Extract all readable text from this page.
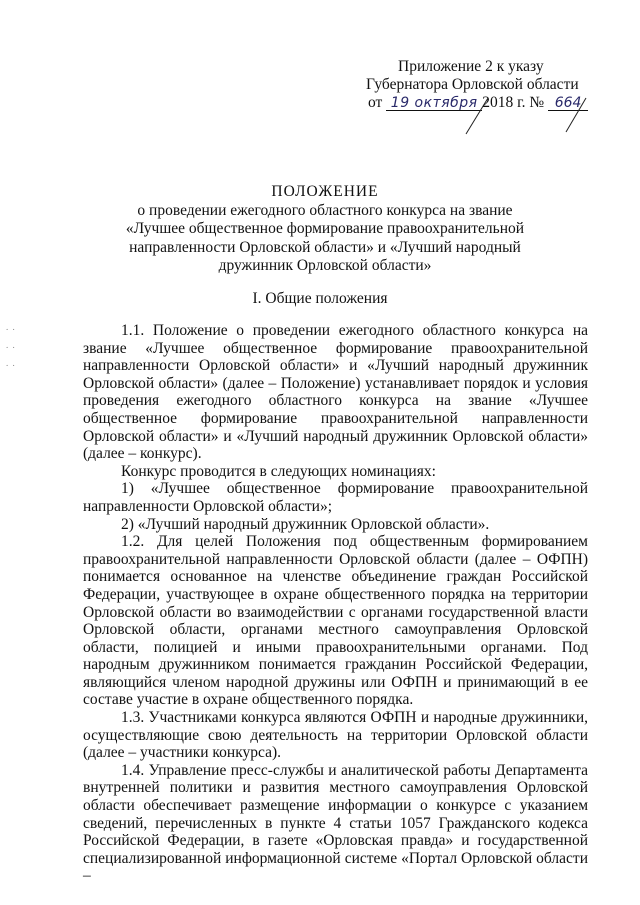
Приложение 2 к указу
Губернатора Орловской области
от 19 октября 2018 г. № 664
ПОЛОЖЕНИЕ
о проведении ежегодного областного конкурса на звание
«Лучшее общественное формирование правоохранительной
направленности Орловской области» и «Лучший народный
дружинник Орловской области»
I. Общие положения
. .
. .
. .

1.1. Положение о проведении ежегодного областного конкурса на звание «Лучшее общественное формирование правоохранительной направленности Орловской области» и «Лучший народный дружинник Орловской области» (далее – Положение) устанавливает порядок и условия проведения ежегодного областного конкурса на звание «Лучшее общественное формирование правоохранительной направленности Орловской области» и «Лучший народный дружинник Орловской области» (далее – конкурс).

Конкурс проводится в следующих номинациях:

1) «Лучшее общественное формирование правоохранительной направленности Орловской области»;

2) «Лучший народный дружинник Орловской области».

1.2. Для целей Положения под общественным формированием правоохранительной направленности Орловской области (далее – ОФПН) понимается основанное на членстве объединение граждан Российской Федерации, участвующее в охране общественного порядка на территории Орловской области во взаимодействии с органами государственной власти Орловской области, органами местного самоуправления Орловской области, полицией и иными правоохранительными органами. Под народным дружинником понимается гражданин Российской Федерации, являющийся членом народной дружины или ОФПН и принимающий в ее составе участие в охране общественного порядка.

1.3. Участниками конкурса являются ОФПН и народные дружинники, осуществляющие свою деятельность на территории Орловской области (далее – участники конкурса).

1.4. Управление пресс-службы и аналитической работы Департамента внутренней политики и развития местного самоуправления Орловской области обеспечивает размещение информации о конкурсе с указанием сведений, перечисленных в пункте 4 статьи 1057 Гражданского кодекса Российской Федерации, в газете «Орловская правда» и государственной специализированной информационной системе «Портал Орловской области –
